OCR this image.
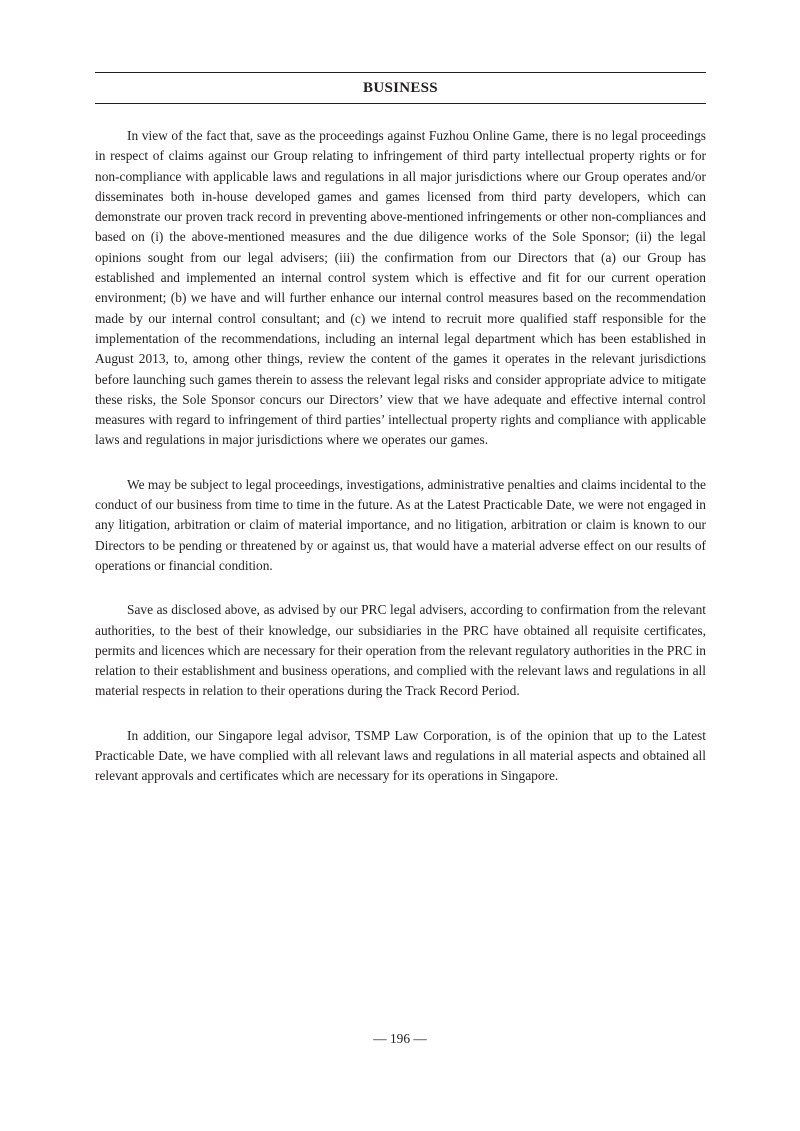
BUSINESS

In view of the fact that, save as the proceedings against Fuzhou Online Game, there is no legal proceedings in respect of claims against our Group relating to infringement of third party intellectual property rights or for non-compliance with applicable laws and regulations in all major jurisdictions where our Group operates and/or disseminates both in-house developed games and games licensed from third party developers, which can demonstrate our proven track record in preventing above-mentioned infringements or other non-compliances and based on (i) the above-mentioned measures and the due diligence works of the Sole Sponsor; (ii) the legal opinions sought from our legal advisers; (iii) the confirmation from our Directors that (a) our Group has established and implemented an internal control system which is effective and fit for our current operation environment; (b) we have and will further enhance our internal control measures based on the recommendation made by our internal control consultant; and (c) we intend to recruit more qualified staff responsible for the implementation of the recommendations, including an internal legal department which has been established in August 2013, to, among other things, review the content of the games it operates in the relevant jurisdictions before launching such games therein to assess the relevant legal risks and consider appropriate advice to mitigate these risks, the Sole Sponsor concurs our Directors’ view that we have adequate and effective internal control measures with regard to infringement of third parties’ intellectual property rights and compliance with applicable laws and regulations in major jurisdictions where we operates our games.

We may be subject to legal proceedings, investigations, administrative penalties and claims incidental to the conduct of our business from time to time in the future. As at the Latest Practicable Date, we were not engaged in any litigation, arbitration or claim of material importance, and no litigation, arbitration or claim is known to our Directors to be pending or threatened by or against us, that would have a material adverse effect on our results of operations or financial condition.

Save as disclosed above, as advised by our PRC legal advisers, according to confirmation from the relevant authorities, to the best of their knowledge, our subsidiaries in the PRC have obtained all requisite certificates, permits and licences which are necessary for their operation from the relevant regulatory authorities in the PRC in relation to their establishment and business operations, and complied with the relevant laws and regulations in all material respects in relation to their operations during the Track Record Period.

In addition, our Singapore legal advisor, TSMP Law Corporation, is of the opinion that up to the Latest Practicable Date, we have complied with all relevant laws and regulations in all material aspects and obtained all relevant approvals and certificates which are necessary for its operations in Singapore.

— 196 —
